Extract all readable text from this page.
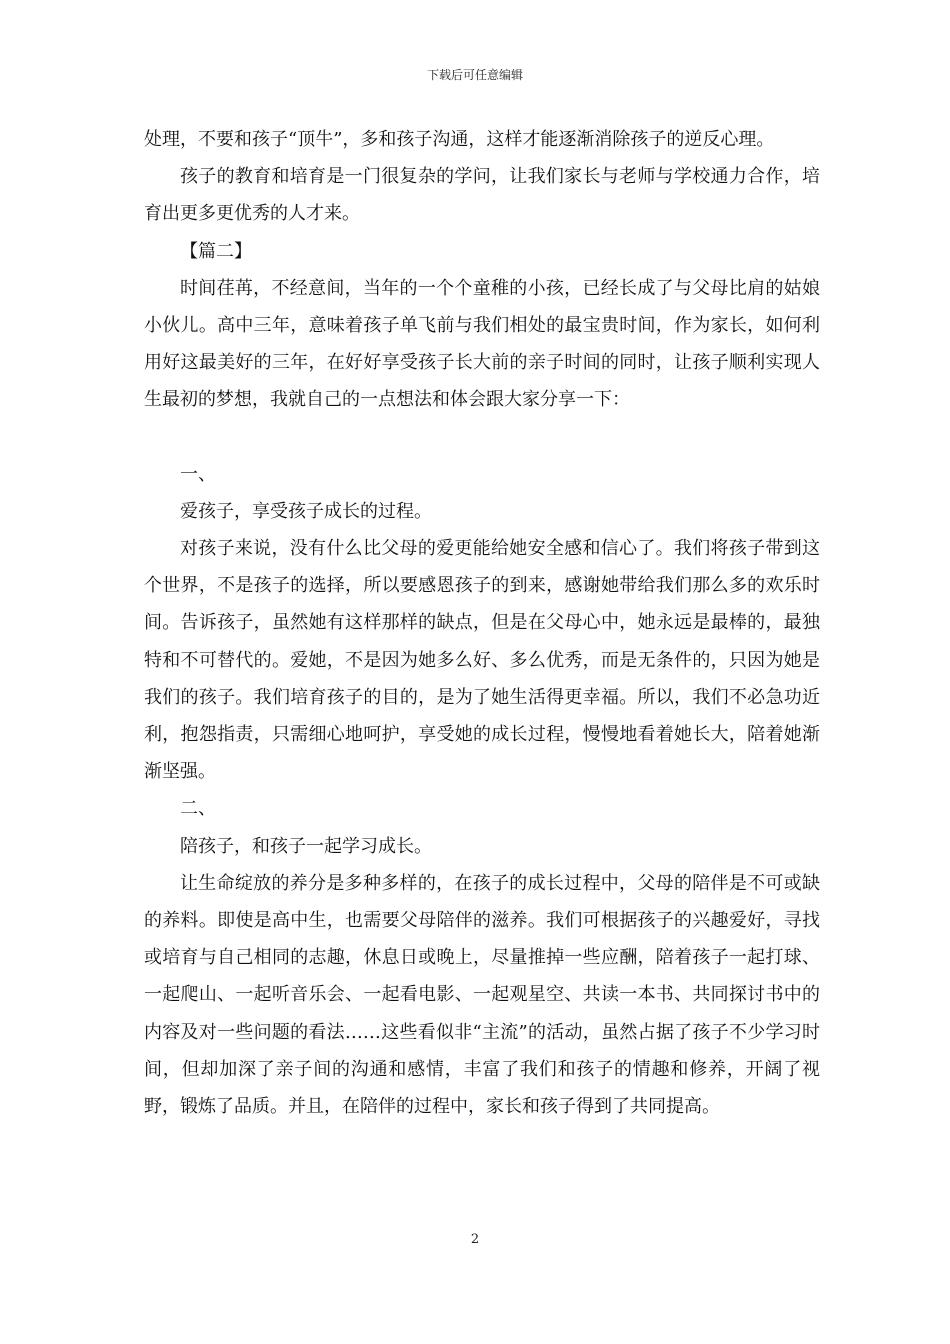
下载后可任意编辑

处理，不要和孩子“顶牛”，多和孩子沟通，这样才能逐渐消除孩子的逆反心理。

孩子的教育和培育是一门很复杂的学问，让我们家长与老师与学校通力合作，培育出更多更优秀的人才来。

【篇二】

时间荏苒，不经意间，当年的一个个童稚的小孩，已经长成了与父母比肩的姑娘小伙儿。高中三年，意味着孩子单飞前与我们相处的最宝贵时间，作为家长，如何利用好这最美好的三年，在好好享受孩子长大前的亲子时间的同时，让孩子顺利实现人生最初的梦想，我就自己的一点想法和体会跟大家分享一下：

一、

爱孩子，享受孩子成长的过程。

对孩子来说，没有什么比父母的爱更能给她安全感和信心了。我们将孩子带到这个世界，不是孩子的选择，所以要感恩孩子的到来，感谢她带给我们那么多的欢乐时间。告诉孩子，虽然她有这样那样的缺点，但是在父母心中，她永远是最棒的，最独特和不可替代的。爱她，不是因为她多么好、多么优秀，而是无条件的，只因为她是我们的孩子。我们培育孩子的目的，是为了她生活得更幸福。所以，我们不必急功近利，抱怨指责，只需细心地呵护，享受她的成长过程，慢慢地看着她长大，陪着她渐渐坚强。

二、

陪孩子，和孩子一起学习成长。

让生命绽放的养分是多种多样的，在孩子的成长过程中，父母的陪伴是不可或缺的养料。即使是高中生，也需要父母陪伴的滋养。我们可根据孩子的兴趣爱好，寻找或培育与自己相同的志趣，休息日或晚上，尽量推掉一些应酬，陪着孩子一起打球、一起爬山、一起听音乐会、一起看电影、一起观星空、共读一本书、共同探讨书中的内容及对一些问题的看法……这些看似非“主流”的活动，虽然占据了孩子不少学习时间，但却加深了亲子间的沟通和感情，丰富了我们和孩子的情趣和修养，开阔了视野，锻炼了品质。并且，在陪伴的过程中，家长和孩子得到了共同提高。

2
